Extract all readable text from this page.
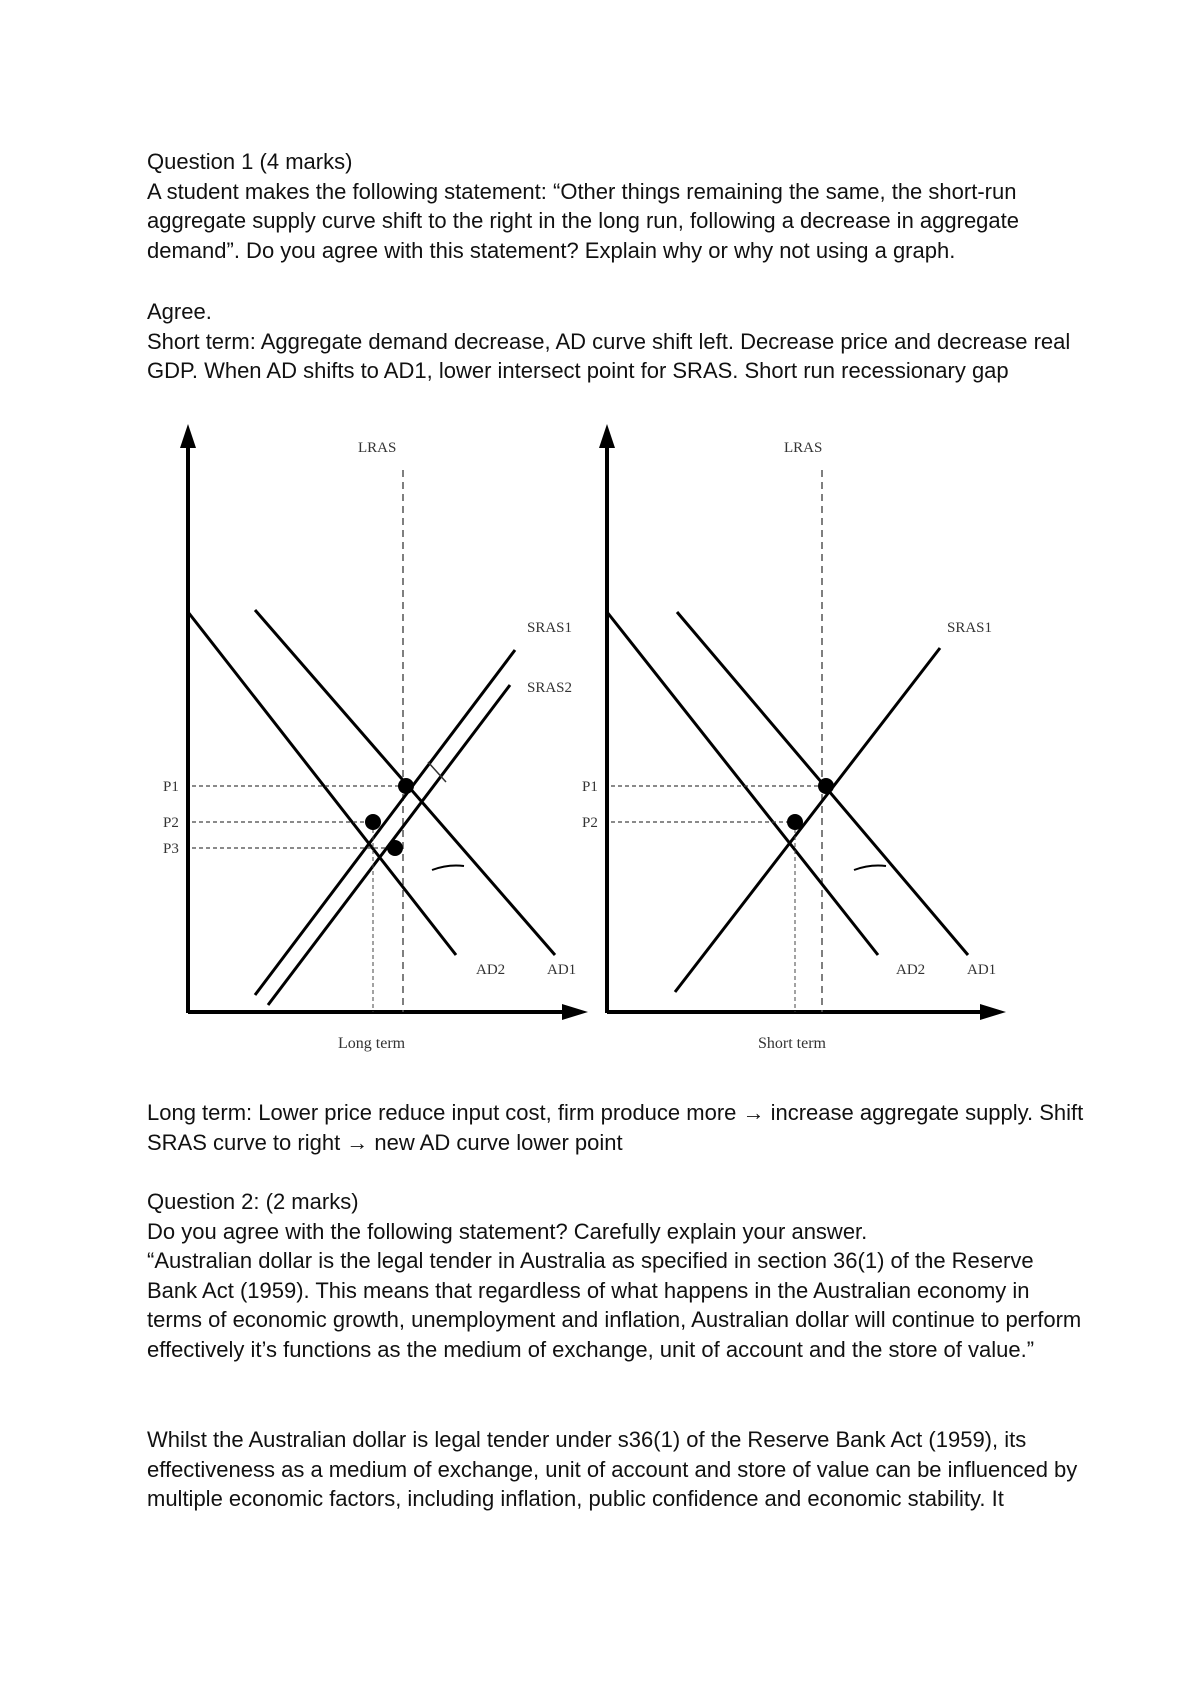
Question 1 (4 marks)

A student makes the following statement: “Other things remaining the same, the short-run aggregate supply curve shift to the right in the long run, following a decrease in aggregate demand”. Do you agree with this statement? Explain why or why not using a graph.

Agree.

Short term: Aggregate demand decrease, AD curve shift left. Decrease price and decrease real GDP. When AD shifts to AD1, lower intersect point for SRAS. Short run recessionary gap

LRAS
P1
P2
P3
SRAS1
SRAS2
AD2	AD1
Long term
LRAS
P1
P2
SRAS1
AD2	AD1
Short term

Long term: Lower price reduce input cost, firm produce more → increase aggregate supply. Shift SRAS curve to right → new AD curve lower point

Question 2: (2 marks)

Do you agree with the following statement? Carefully explain your answer.

“Australian dollar is the legal tender in Australia as specified in section 36(1) of the Reserve Bank Act (1959). This means that regardless of what happens in the Australian economy in terms of economic growth, unemployment and inflation, Australian dollar will continue to perform effectively it’s functions as the medium of exchange, unit of account and the store of value.”

Whilst the Australian dollar is legal tender under s36(1) of the Reserve Bank Act (1959), its effectiveness as a medium of exchange, unit of account and store of value can be influenced by multiple economic factors, including inflation, public confidence and economic stability. It
